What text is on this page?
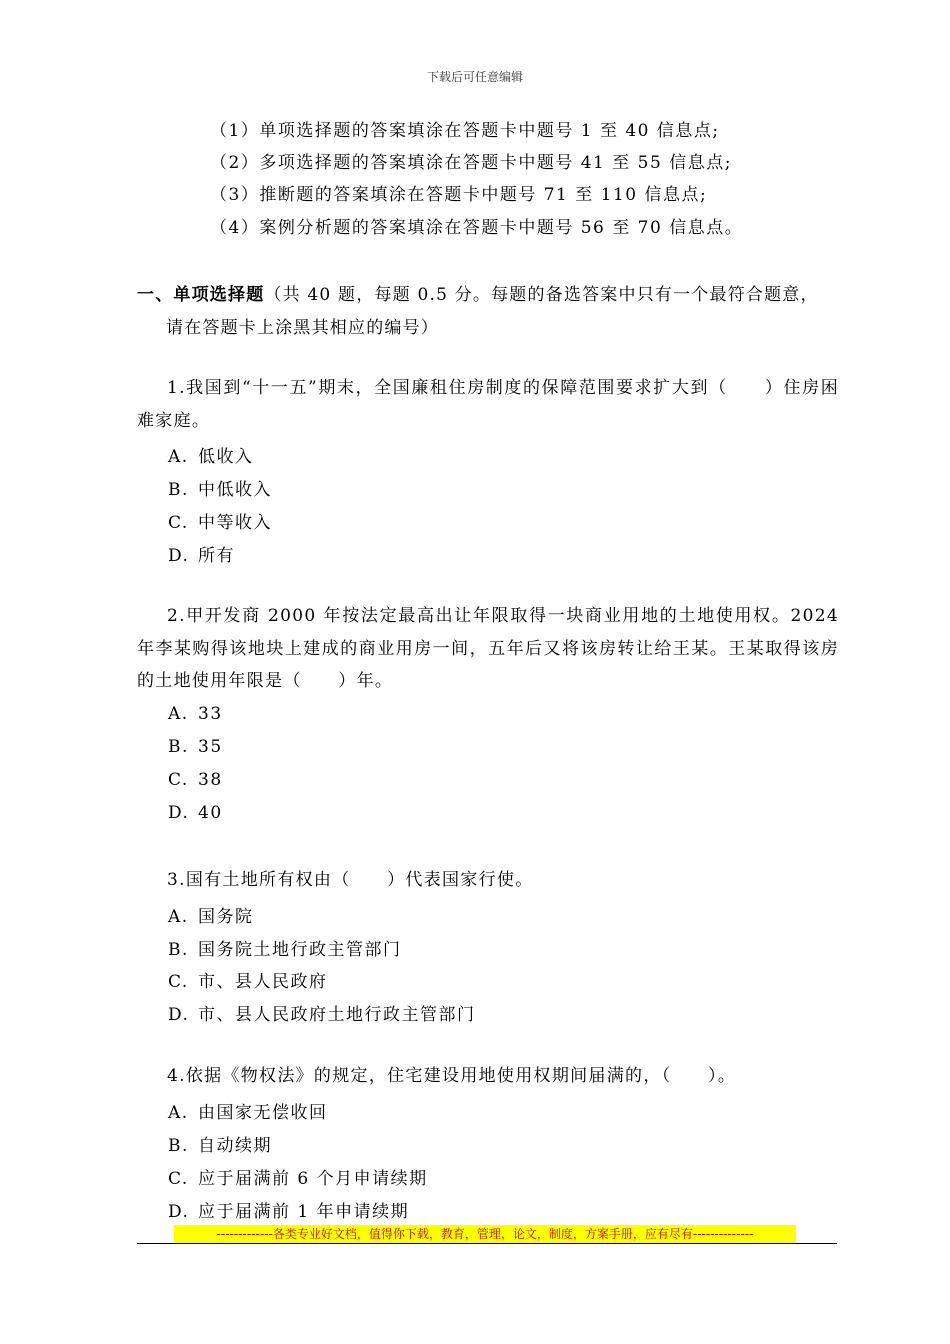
下载后可任意编辑
（1）单项选择题的答案填涂在答题卡中题号 1 至 40 信息点;
（2）多项选择题的答案填涂在答题卡中题号 41 至 55 信息点;
（3）推断题的答案填涂在答题卡中题号 71 至 110 信息点;
（4）案例分析题的答案填涂在答题卡中题号 56 至 70 信息点。
一、单项选择题（共 40 题，每题 0.5 分。每题的备选答案中只有一个最符合题意，
请在答题卡上涂黑其相应的编号）
1.我国到“十一五”期末，全国廉租住房制度的保障范围要求扩大到（　　）住房困难家庭。
A. 低收入
B. 中低收入
C. 中等收入
D. 所有
2.甲开发商 2000 年按法定最高出让年限取得一块商业用地的土地使用权。2024 年李某购得该地块上建成的商业用房一间，五年后又将该房转让给王某。王某取得该房的土地使用年限是（　　）年。
A. 33
B. 35
C. 38
D. 40
3.国有土地所有权由（　　）代表国家行使。
A. 国务院
B. 国务院土地行政主管部门
C. 市、县人民政府
D. 市、县人民政府土地行政主管部门
4.依据《物权法》的规定，住宅建设用地使用权期间届满的，（　　）。
A. 由国家无偿收回
B. 自动续期
C. 应于届满前 6 个月申请续期
D. 应于届满前 1 年申请续期
-------------各类专业好文档，值得你下载，教育，管理，论文，制度，方案手册，应有尽有--------------
